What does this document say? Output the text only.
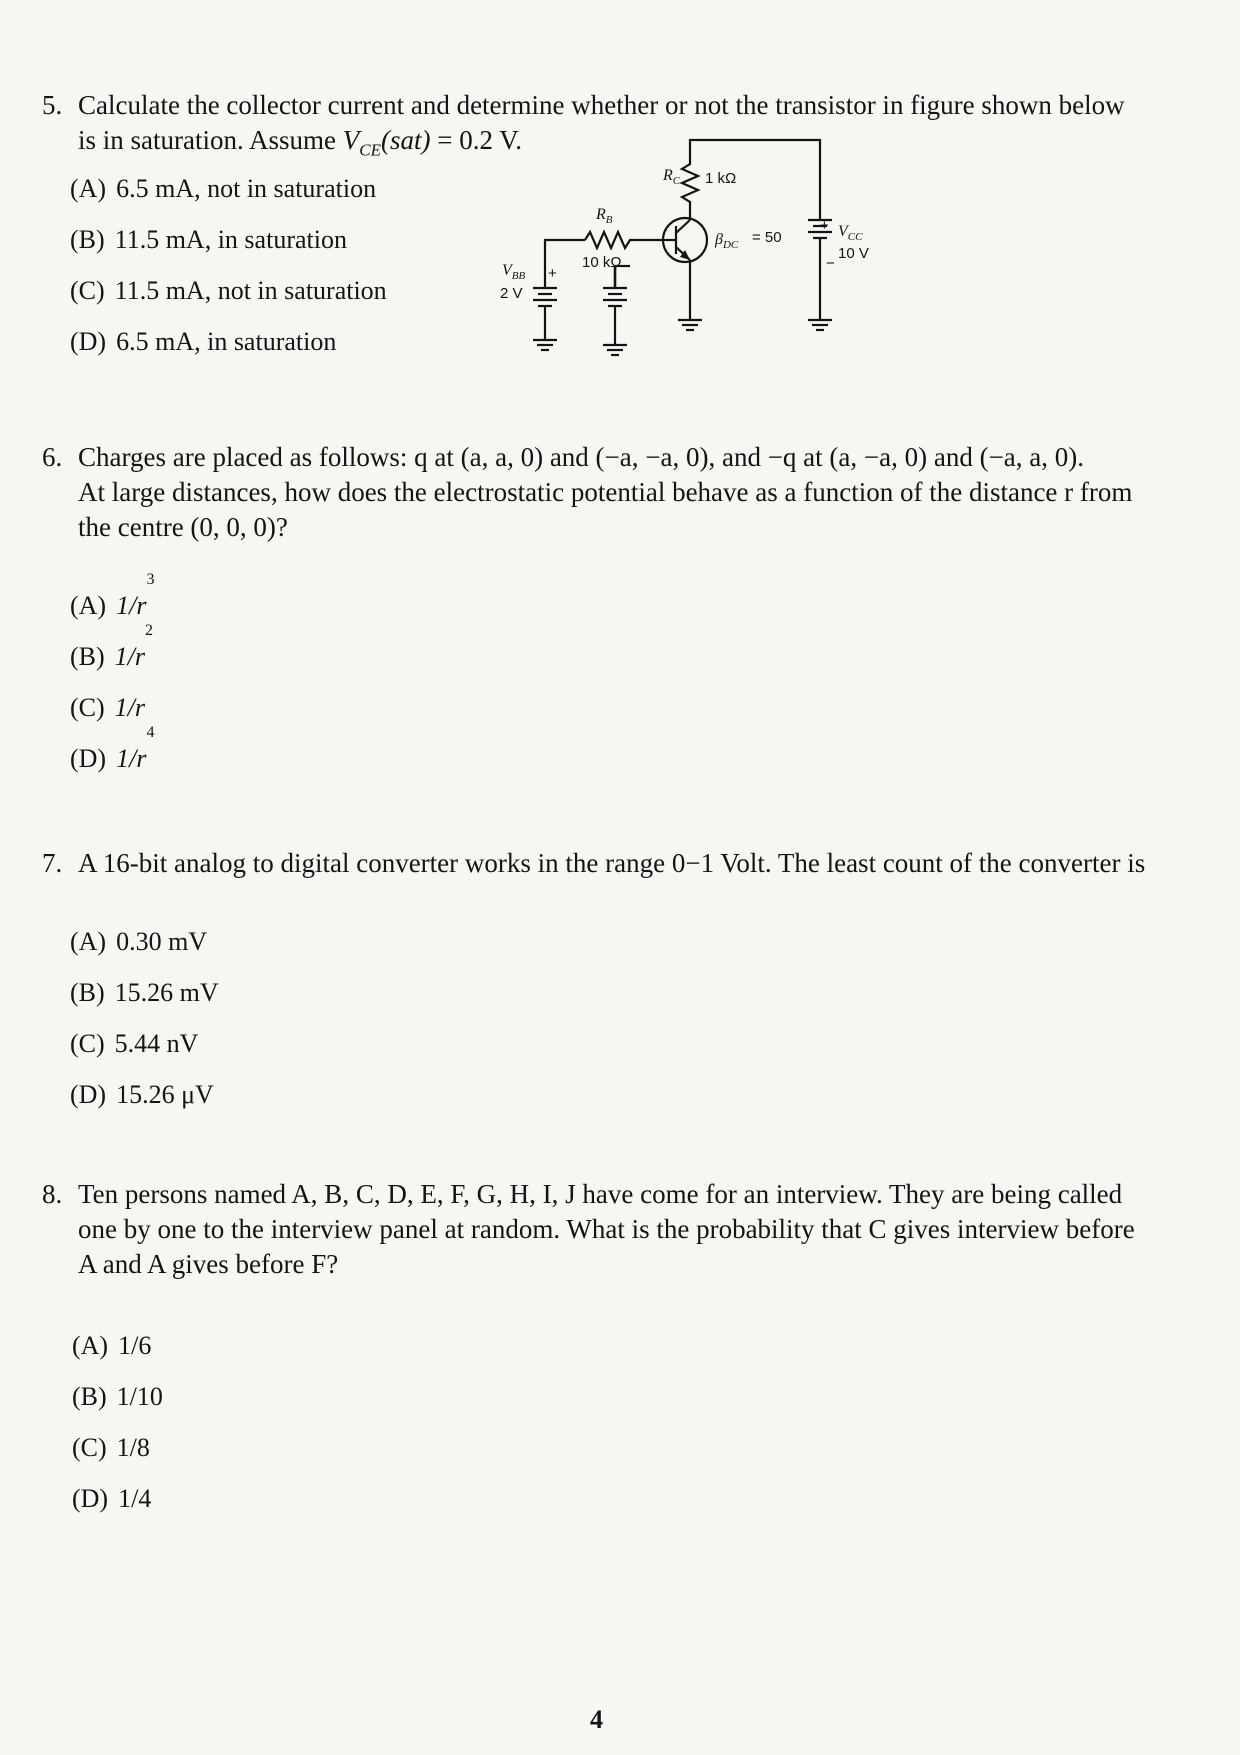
5. Calculate the collector current and determine whether or not the transistor in figure shown below
is in saturation. Assume $V_{CE}(sat) = 0.2$ V.
(A) 6.5 mA, not in saturation
(B) 11.5 mA, in saturation
(C) 11.5 mA, not in saturation
(D) 6.5 mA, in saturation
$R_C$ 1 kΩ
$R_B$
10 kΩ
$\beta_{DC} = 50$
+ $V_{CC}$
10 V
−
$V_{BB}$
2 V
+
6. Charges are placed as follows: q at (a, a, 0) and (−a, −a, 0), and −q at (a, −a, 0) and (−a, a, 0).
At large distances, how does the electrostatic potential behave as a function of the distance r from
the centre (0, 0, 0)?
(A) 1/r
3
(B) 1/r
2
(C) 1/r
(D) 1/r
4
7. A 16-bit analog to digital converter works in the range 0−1 Volt. The least count of the converter is
(A) 0.30 mV
(B) 15.26 mV
(C) 5.44 nV
(D) 15.26 μV
8. Ten persons named A, B, C, D, E, F, G, H, I, J have come for an interview. They are being called
one by one to the interview panel at random. What is the probability that C gives interview before
A and A gives before F?
(A) 1/6
(B) 1/10
(C) 1/8
(D) 1/4
4
